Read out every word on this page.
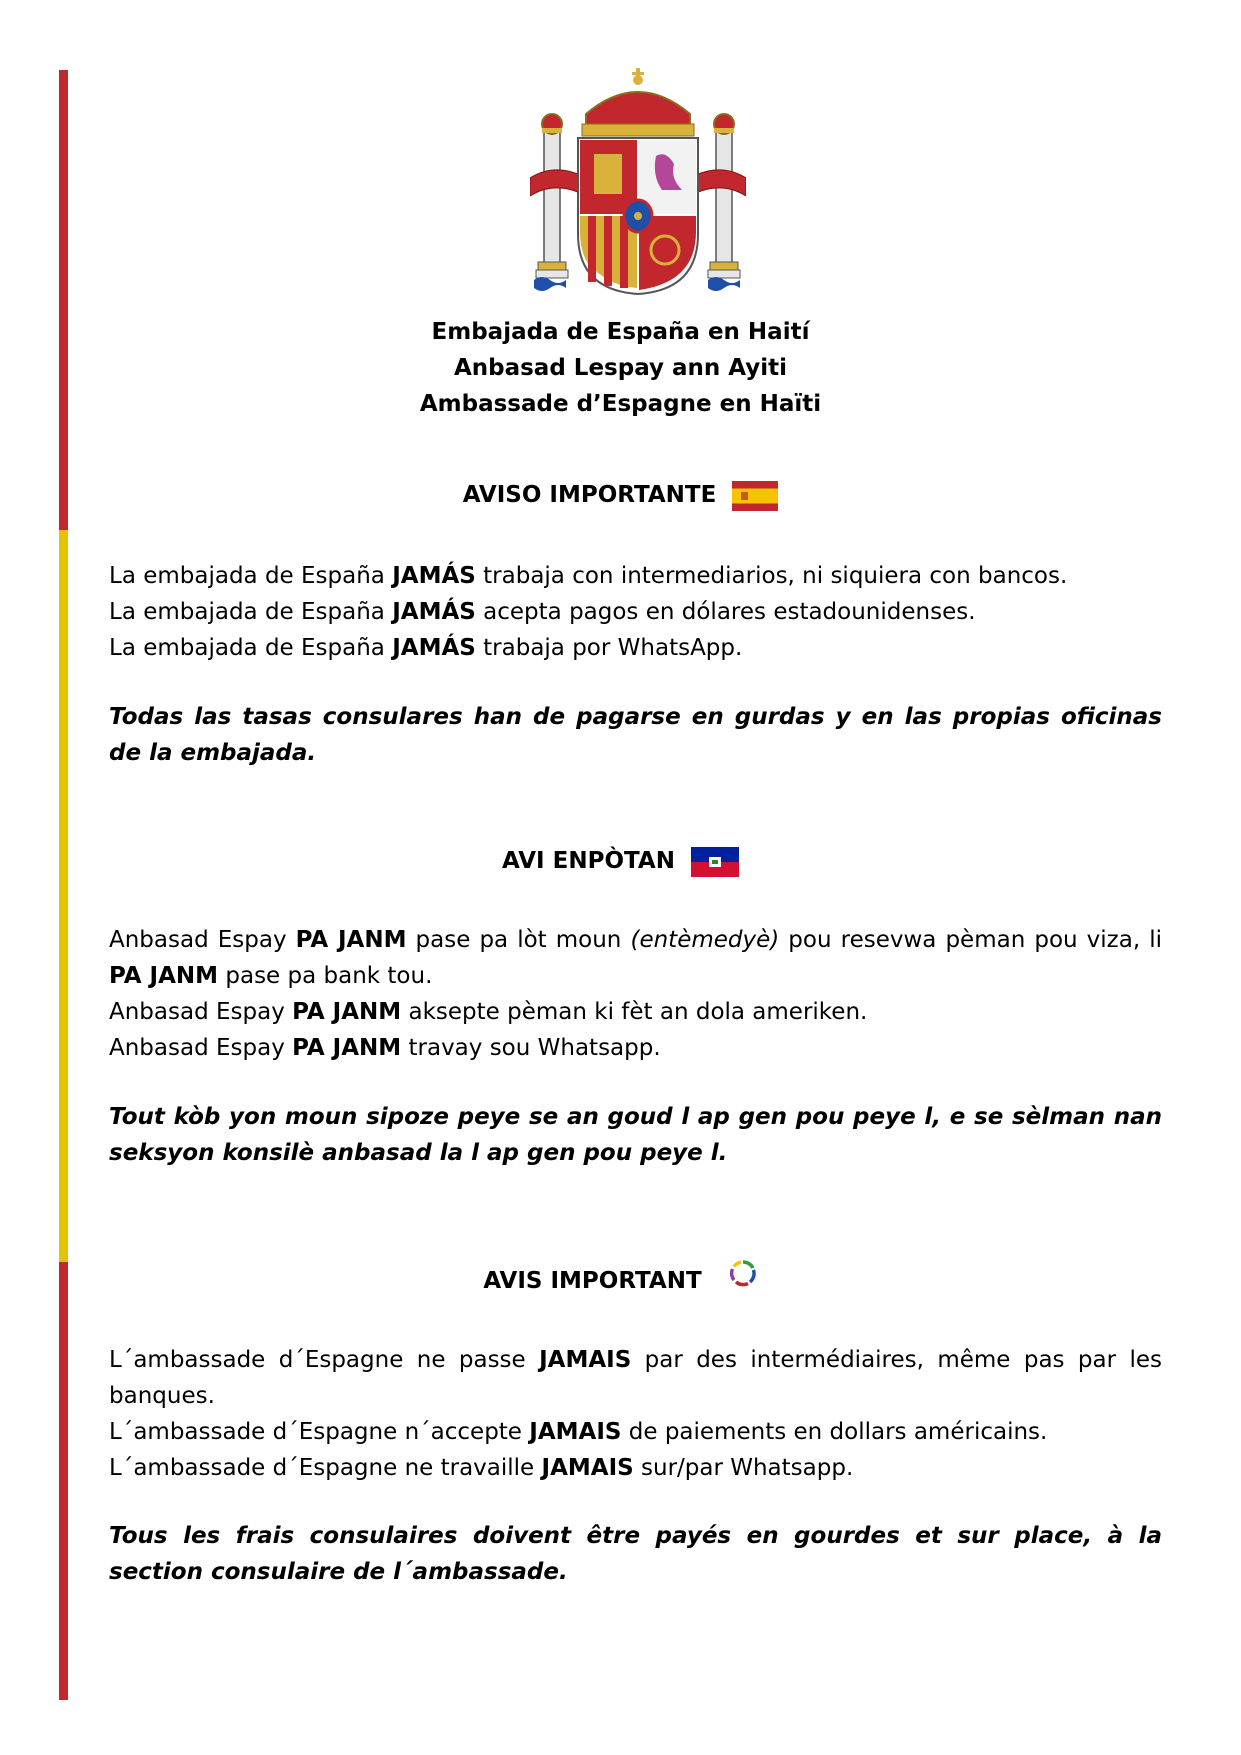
Embajada de España en Haití
Anbasad Lespay ann Ayiti
Ambassade d’Espagne en Haïti
AVISO IMPORTANTE

La embajada de España JAMÁS trabaja con intermediarios, ni siquiera con bancos.

La embajada de España JAMÁS acepta pagos en dólares estadounidenses.

La embajada de España JAMÁS trabaja por WhatsApp.

Todas las tasas consulares han de pagarse en gurdas y en las propias oficinas de la embajada.
AVI ENPÒTAN

Anbasad Espay PA JANM pase pa lòt moun (entèmedyè) pou resevwa pèman pou viza, li PA JANM pase pa bank tou.

Anbasad Espay PA JANM aksepte pèman ki fèt an dola ameriken.

Anbasad Espay PA JANM travay sou Whatsapp.

Tout kòb yon moun sipoze peye se an goud l ap gen pou peye l, e se sèlman nan seksyon konsilè anbasad la l ap gen pou peye l.
AVIS IMPORTANT

L´ambassade d´Espagne ne passe JAMAIS par des intermédiaires, même pas par les banques.

L´ambassade d´Espagne n´accepte JAMAIS de paiements en dollars américains.

L´ambassade d´Espagne ne travaille JAMAIS sur/par Whatsapp.

Tous les frais consulaires doivent être payés en gourdes et sur place, à la section consulaire de l´ambassade.
